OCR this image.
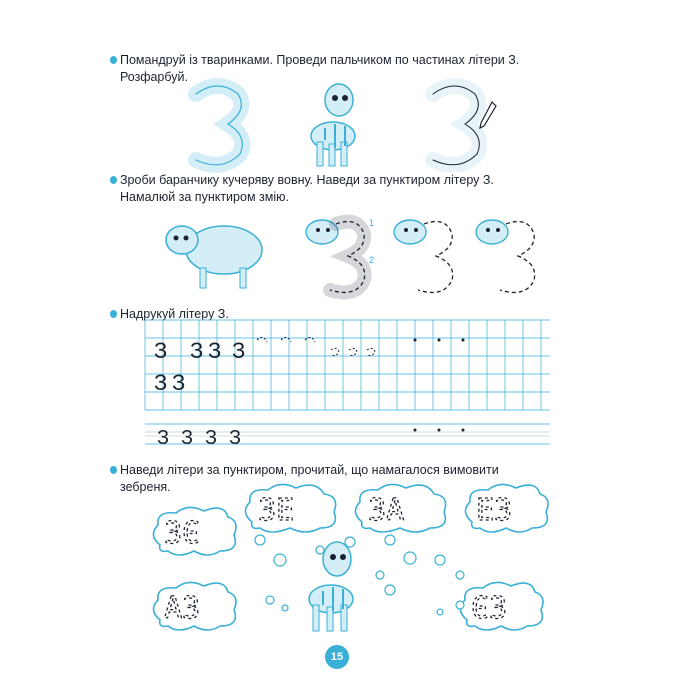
Помандруй із тваринками. Проведи пальчиком по частинах літери З. Розфарбуй.
Зроби баранчику кучеряву вовну. Наведи за пунктиром літеру З. Намалюй за пунктиром змію.
1
2
Надрукуй літеру З.
З З З З
З З
З З З З
Наведи літери за пунктиром, прочитай, що намагалося вимовити зебреня.
ЗЕ ЗА ЕЗ
ЗЄ
АЗ	ЄЗ
15
